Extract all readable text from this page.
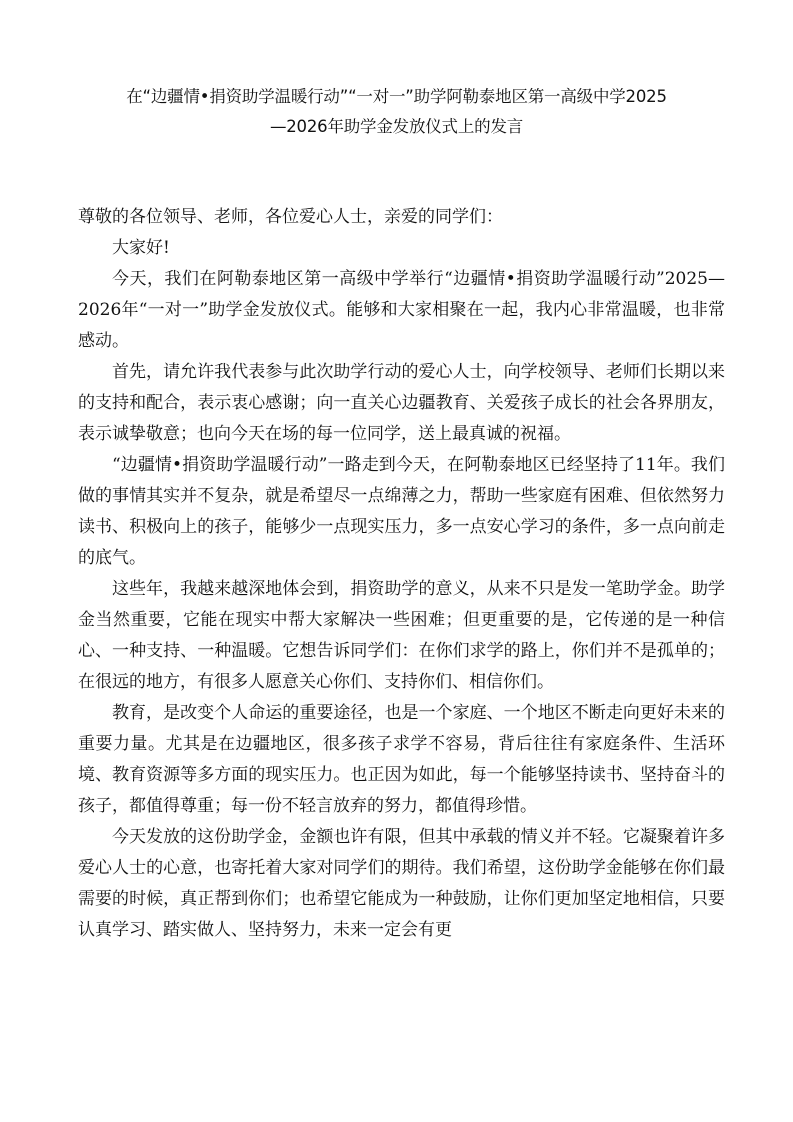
在“边疆情•捐资助学温暖行动”“一对一”助学阿勒泰地区第一高级中学2025
—2026年助学金发放仪式上的发言

尊敬的各位领导、老师，各位爱心人士，亲爱的同学们：

大家好!

今天，我们在阿勒泰地区第一高级中学举行“边疆情•捐资助学温暖行动”2025—2026年“一对一”助学金发放仪式。能够和大家相聚在一起，我内心非常温暖，也非常感动。

首先，请允许我代表参与此次助学行动的爱心人士，向学校领导、老师们长期以来的支持和配合，表示衷心感谢；向一直关心边疆教育、关爱孩子成长的社会各界朋友，表示诚挚敬意；也向今天在场的每一位同学，送上最真诚的祝福。

“边疆情•捐资助学温暖行动”一路走到今天，在阿勒泰地区已经坚持了11年。我们做的事情其实并不复杂，就是希望尽一点绵薄之力，帮助一些家庭有困难、但依然努力读书、积极向上的孩子，能够少一点现实压力，多一点安心学习的条件，多一点向前走的底气。

这些年，我越来越深地体会到，捐资助学的意义，从来不只是发一笔助学金。助学金当然重要，它能在现实中帮大家解决一些困难；但更重要的是，它传递的是一种信心、一种支持、一种温暖。它想告诉同学们：在你们求学的路上，你们并不是孤单的；在很远的地方，有很多人愿意关心你们、支持你们、相信你们。

教育，是改变个人命运的重要途径，也是一个家庭、一个地区不断走向更好未来的重要力量。尤其是在边疆地区，很多孩子求学不容易，背后往往有家庭条件、生活环境、教育资源等多方面的现实压力。也正因为如此，每一个能够坚持读书、坚持奋斗的孩子，都值得尊重；每一份不轻言放弃的努力，都值得珍惜。

今天发放的这份助学金，金额也许有限，但其中承载的情义并不轻。它凝聚着许多爱心人士的心意，也寄托着大家对同学们的期待。我们希望，这份助学金能够在你们最需要的时候，真正帮到你们；也希望它能成为一种鼓励，让你们更加坚定地相信，只要认真学习、踏实做人、坚持努力，未来一定会有更
